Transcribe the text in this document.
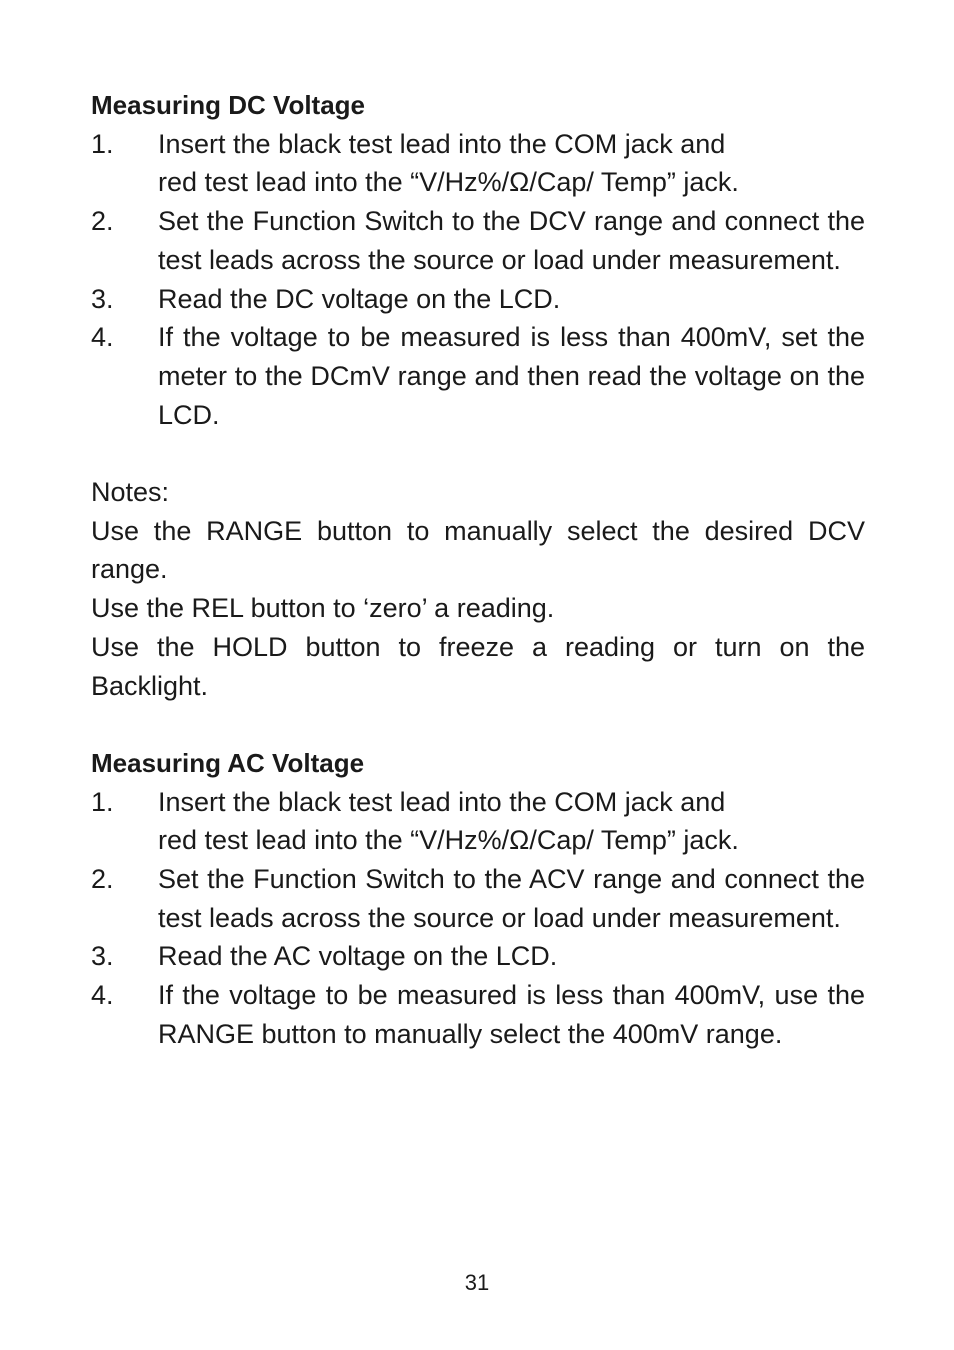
Measuring DC Voltage
1. Insert the black test lead into the COM jack and
red test lead into the “V/Hz%/Ω/Cap/ Temp” jack.
2. Set the Function Switch to the DCV range and connect the test leads across the source or load under measurement.
3. Read the DC voltage on the LCD.
4. If the voltage to be measured is less than 400mV, set the meter to the DCmV range and then read the voltage on the LCD.

Notes:

Use the RANGE button to manually select the desired DCV range.

Use the REL button to ‘zero’ a reading.

Use the HOLD button to freeze a reading or turn on the Backlight.

Measuring AC Voltage
1. Insert the black test lead into the COM jack and
red test lead into the “V/Hz%/Ω/Cap/ Temp” jack.
2. Set the Function Switch to the ACV range and connect the test leads across the source or load under measurement.
3. Read the AC voltage on the LCD.
4. If the voltage to be measured is less than 400mV, use the RANGE button to manually select the 400mV range.
31
